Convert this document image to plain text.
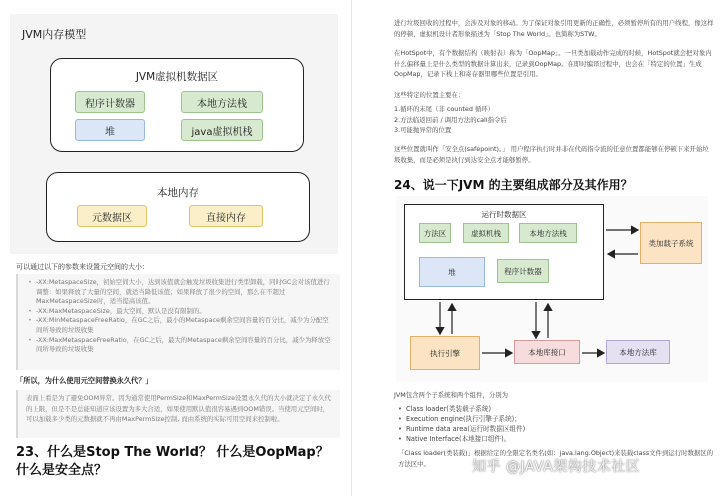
JVM内存模型
JVM虚拟机数据区
程序计数器	本地方法栈
堆	java虚拟机栈
本地内存
元数据区	直接内存
可以通过以下的参数来设置元空间的大小：
• -XX:MetaspaceSize，初始空间大小，达到该值就会触发垃圾收集进行类型卸载，同时GC会对该值进行调整：如果释放了大量的空间，就适当降低该值；如果释放了很少的空间，那么在不超过MaxMetaspaceSize时，适当提高该值。
• -XX:MaxMetaspaceSize，最大空间，默认是没有限制的。
• -XX:MinMetaspaceFreeRatio，在GC之后，最小的Metaspace剩余空间容量的百分比，减少为分配空间所导致的垃圾收集
• -XX:MaxMetaspaceFreeRatio，在GC之后，最大的Metaspace剩余空间容量的百分比，减少为释放空间所导致的垃圾收集
「所以，为什么使用元空间替换永久代？」

表面上看是为了避免OOM异常。因为通常使用PermSize和MaxPermSize设置永久代的大小就决定了永久代的上限，但是不是总能知道应该设置为多大合适，如果使用默认值很容易遇到OOM错误。当使用元空间时，可以加载多少类的元数据就不再由MaxPermSize控制, 而由系统的实际可用空间来控制啦。

23、什么是Stop The World？ 什么是OopMap？什么是安全点？
进行垃圾回收的过程中，会涉及对象的移动。为了保证对象引用更新的正确性，必须暂停所有的用户线程，像这样的停顿，虚拟机设计者形象描述为「Stop The World」。也简称为STW。
在HotSpot中，有个数据结构（映射表）称为「OopMap」。一旦类加载动作完成的时候，HotSpot就会把对象内什么偏移量上是什么类型的数据计算出来，记录到OopMap。在即时编译过程中，也会在「特定的位置」生成 OopMap，记录下栈上和寄存器里哪些位置是引用。
这些特定的位置主要在：
1.循环的末尾（非 counted 循环）
2.方法临返回前 / 调用方法的call指令后
3.可能抛异常的位置
这些位置就叫作「安全点(safepoint)。」 用户程序执行时并非在代码指令流的任意位置都能够在停顿下来开始垃圾收集，而是必须是执行到达安全点才能够暂停。
24、说一下JVM 的主要组成部分及其作用？
运行时数据区
方法区	虚拟机栈	本地方法栈
堆	程序计数器
类加载子系统
执行引擎	本地库接口	本地方法库
JVM包含两个子系统和两个组件，分别为
• Class loader(类装载子系统)
• Execution engine(执行引擎子系统)；
• Runtime data area(运行时数据区组件)
• Native Interface(本地接口组件)。
「Class loader(类装载)」根据给定的全限定名类名(如：java.lang.Object)来装载class文件到运行时数据区的方法区中。	知乎 @JAVA架构技术社区
